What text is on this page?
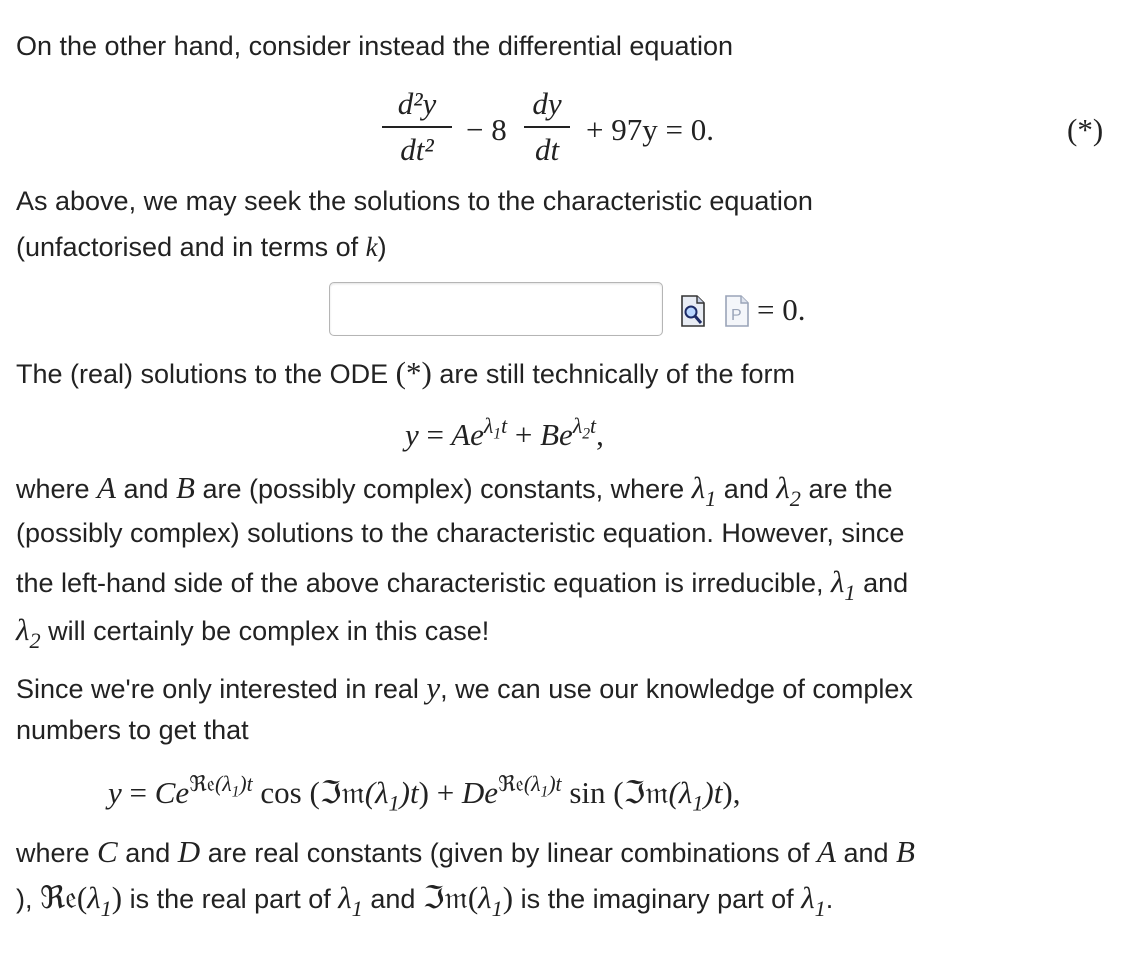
On the other hand, consider instead the differential equation
d²y
dt²
− 8
dy
dt
+ 97y = 0.	(*)
As above, we may seek the solutions to the characteristic equation
(unfactorised and in terms of k)
P = 0.
The (real) solutions to the ODE (*) are still technically of the form
$y = Ae^{\lambda_1t} + Be^{\lambda_2t}$,
where A and B are (possibly complex) constants, where $\lambda_1$ and $\lambda_2$ are the
(possibly complex) solutions to the characteristic equation. However, since
the left-hand side of the above characteristic equation is irreducible, $\lambda_1$ and
$\lambda_2$ will certainly be complex in this case!
Since we're only interested in real y, we can use our knowledge of complex
numbers to get that
$y = Ce^{ℜ𝔢(\lambda_1)t}$ $\cos (ℑ𝔪(\lambda_1)t) + De^{ℜ𝔢(\lambda_1)t}$ $\sin (ℑ𝔪(\lambda_1)t)$,
where C and D are real constants (given by linear combinations of A and B
), $ℜ𝔢(\lambda_1)$ is the real part of $\lambda_1$ and $ℑ𝔪(\lambda_1)$ is the imaginary part of $\lambda_1$.
